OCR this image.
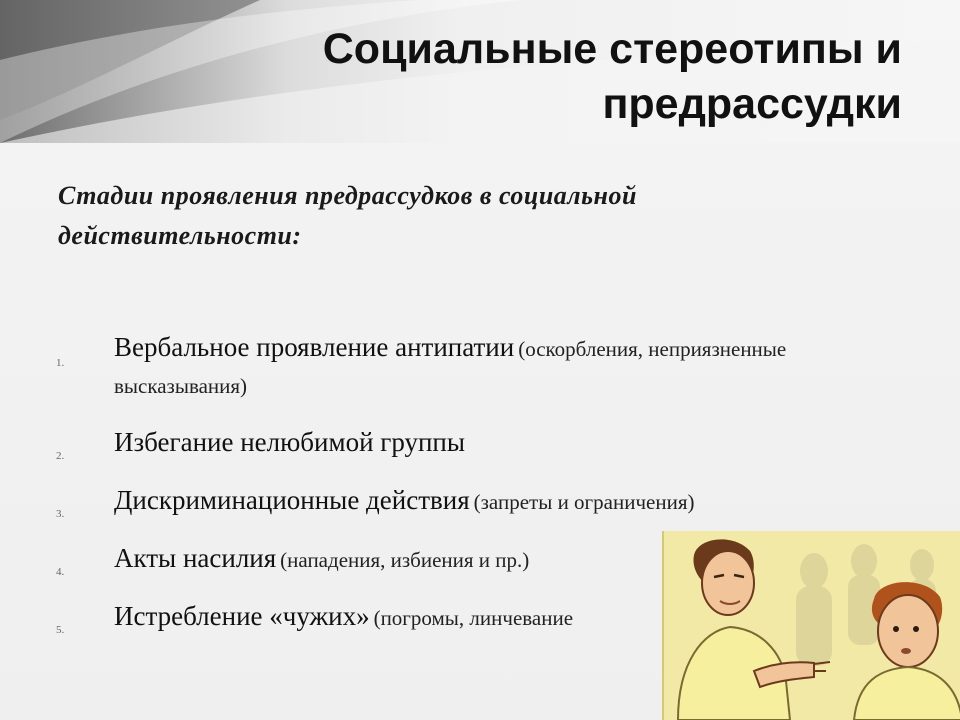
Социальные стереотипы и
предрассудки
Стадии проявления предрассудков в социальной
действительности:
1.
Вербальное проявление антипатии (оскорбления, неприязненные высказывания)
2. Избегание нелюбимой группы
3. Дискриминационные действия (запреты и ограничения)
4. Акты насилия (нападения, избиения и пр.)
5. Истребление «чужих» (погромы, линчевание
